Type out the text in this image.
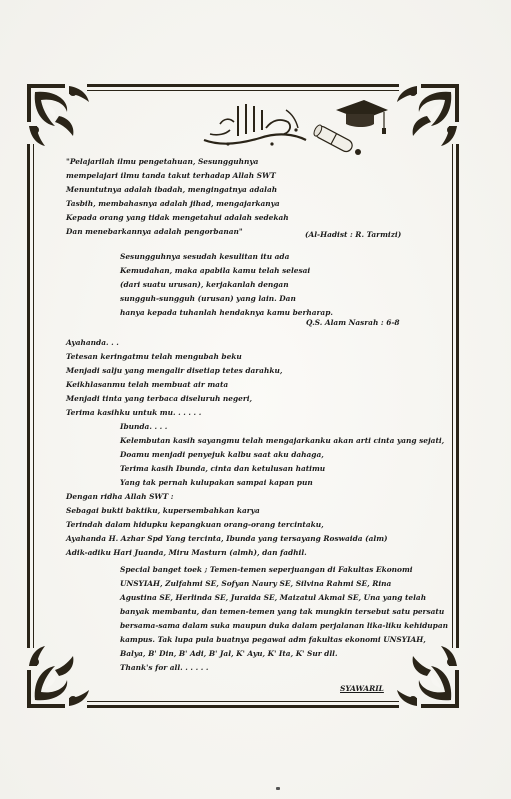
"Pelajarilah ilmu pengetahuan, Sesungguhnya
mempelajari ilmu tanda takut terhadap Allah SWT
Menuntutnya adalah ibadah, mengingatnya adalah
Tasbih, membahasnya adalah jihad, mengajarkanya
Kepada orang yang tidak mengetahui adalah sedekah
Dan menebarkannya adalah pengorbanan"	(Al-Hadist : R. Tarmizi)
Sesungguhnya sesudah kesulitan itu ada
Kemudahan, maka apabila kamu telah selesai
(dari suatu urusan), kerjakanlah dengan
sungguh-sungguh (urusan) yang lain. Dan
hanya kepada tuhanlah hendaknya kamu berharap.
Q.S. Alam Nasrah : 6-8
Ayahanda. . .
Tetesan keringatmu telah mengubah beku
Menjadi salju yang mengalir disetiap tetes darahku,
Keikhlasanmu telah membuat air mata
Menjadi tinta yang terbaca diseluruh negeri,
Terima kasihku untuk mu. . . . . .
Ibunda. . . .
Kelembutan kasih sayangmu telah mengajarkanku akan arti cinta yang sejati,
Doamu menjadi penyejuk kalbu saat aku dahaga,
Terima kasih Ibunda, cinta dan ketulusan hatimu
Yang tak pernah kulupakan sampai kapan pun
Dengan ridha Allah SWT :
Sebagai bukti baktiku, kupersembahkan karya
Terindah dalam hidupku kepangkuan orang-orang tercintaku,
Ayahanda H. Azhar Spd Yang tercinta, Ibunda yang tersayang Roswaida (alm)
Adik-adiku Hari Juanda, Miru Masturn (almh), dan fadhil.
Special banget toek ; Temen-temen seperjuangan di Fakultas Ekonomi
UNSYIAH, Zulfahmi SE, Sofyan Naury SE, Silvina Rahmi SE, Rina
Agustina SE, Herlinda SE, Juraida SE, Maizatul Akmal SE, Una yang telah
banyak membantu, dan temen-temen yang tak mungkin tersebut satu persatu
bersama-sama dalam suka maupun duka dalam perjalanan lika-liku kehidupan
kampus. Tak lupa pula buatnya pegawai adm fakultas ekonomi UNSYIAH,
Balya, B' Din, B' Adi, B' Jal, K' Ayu, K' Ita, K' Sur dll.
Thank's for all. . . . . .
SYAWARIL
